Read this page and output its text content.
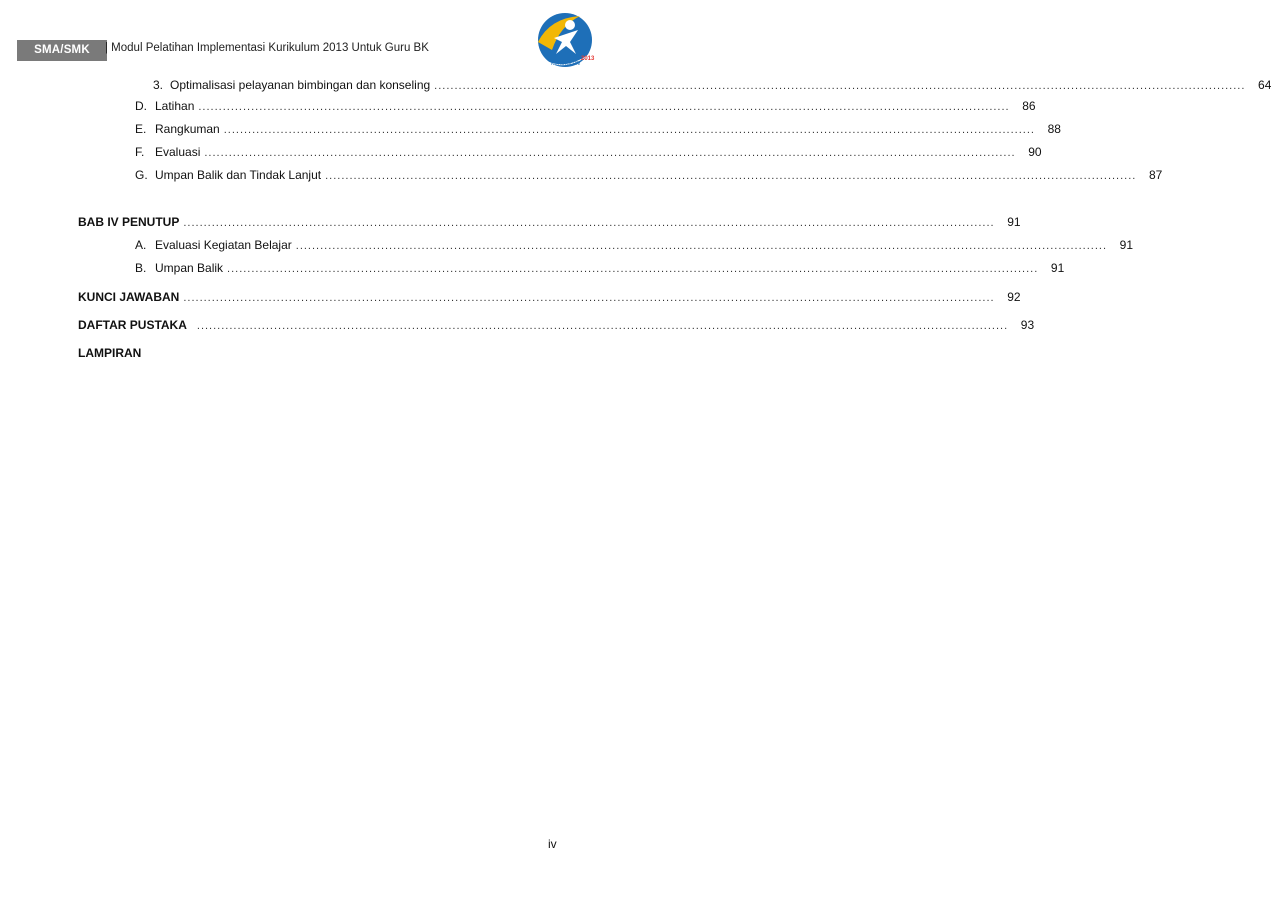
SMA/SMK	| Modul Pelatihan Implementasi Kurikulum 2013 Untuk Guru BK
KURIKULUM
2013
3. Optimalisasi pelayanan bimbingan dan konseling ........................................................................................................................................................................................................	64
D. Latihan ........................................................................................................................................................................................................	86
E. Rangkuman ........................................................................................................................................................................................................	88
F. Evaluasi ........................................................................................................................................................................................................	90
G. Umpan Balik dan Tindak Lanjut ........................................................................................................................................................................................................	87
BAB IV PENUTUP ........................................................................................................................................................................................................	91
A. Evaluasi Kegiatan Belajar ........................................................................................................................................................................................................	91
B. Umpan Balik ........................................................................................................................................................................................................	91
KUNCI JAWABAN ........................................................................................................................................................................................................	92
DAFTAR PUSTAKA ........................................................................................................................................................................................................	93
LAMPIRAN
iv
